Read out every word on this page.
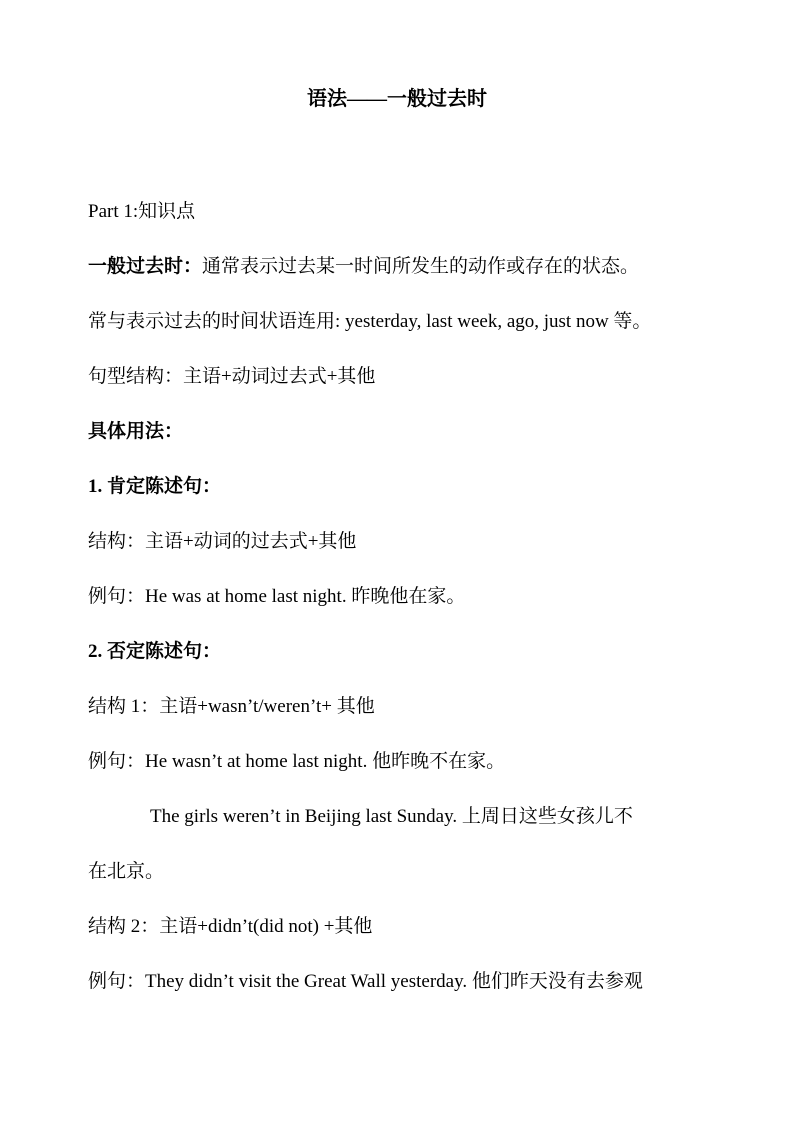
语法——一般过去时
Part 1:知识点
一般过去时：通常表示过去某一时间所发生的动作或存在的状态。
常与表示过去的时间状语连用: yesterday, last week, ago, just now 等。
句型结构：主语+动词过去式+其他
具体用法：
1. 肯定陈述句：
结构：主语+动词的过去式+其他
例句：He was at home last night. 昨晚他在家。
2. 否定陈述句：
结构 1：主语+wasn’t/weren’t+ 其他
例句：He wasn’t at home last night. 他昨晚不在家。
The girls weren’t in Beijing last Sunday. 上周日这些女孩儿不
在北京。
结构 2：主语+didn’t(did not) +其他
例句：They didn’t visit the Great Wall yesterday. 他们昨天没有去参观
